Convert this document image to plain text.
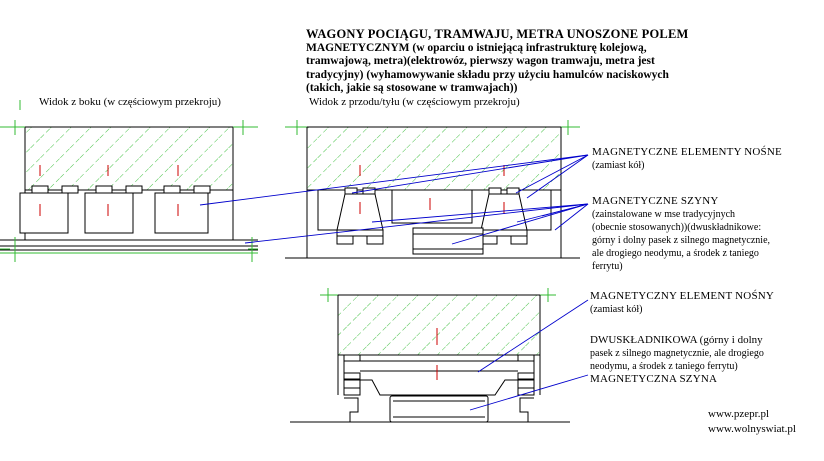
WAGONY POCIĄGU, TRAMWAJU, METRA UNOSZONE POLEM
MAGNETYCZNYM (w oparciu o istniejącą infrastrukturę kolejową,
tramwajową, metra)(elektrowóz, pierwszy wagon tramwaju, metra jest
tradycyjny) (wyhamowywanie składu przy użyciu hamulców naciskowych
(takich, jakie są stosowane w tramwajach))
Widok z boku (w częściowym przekroju)	Widok z przodu/tyłu (w częściowym przekroju)
MAGNETYCZNE ELEMENTY NOŚNE
(zamiast kół)
MAGNETYCZNE SZYNY
(zainstalowane w mse tradycyjnych
(obecnie stosowanych))(dwuskładnikowe:
górny i dolny pasek z silnego magnetycznie,
ale drogiego neodymu, a środek z taniego
ferrytu)
MAGNETYCZNY ELEMENT NOŚNY
(zamiast kół)
DWUSKŁADNIKOWA (górny i dolny
pasek z silnego magnetycznie, ale drogiego
neodymu, a środek z taniego ferrytu)
MAGNETYCZNA SZYNA
www.pzepr.pl
www.wolnyswiat.pl
